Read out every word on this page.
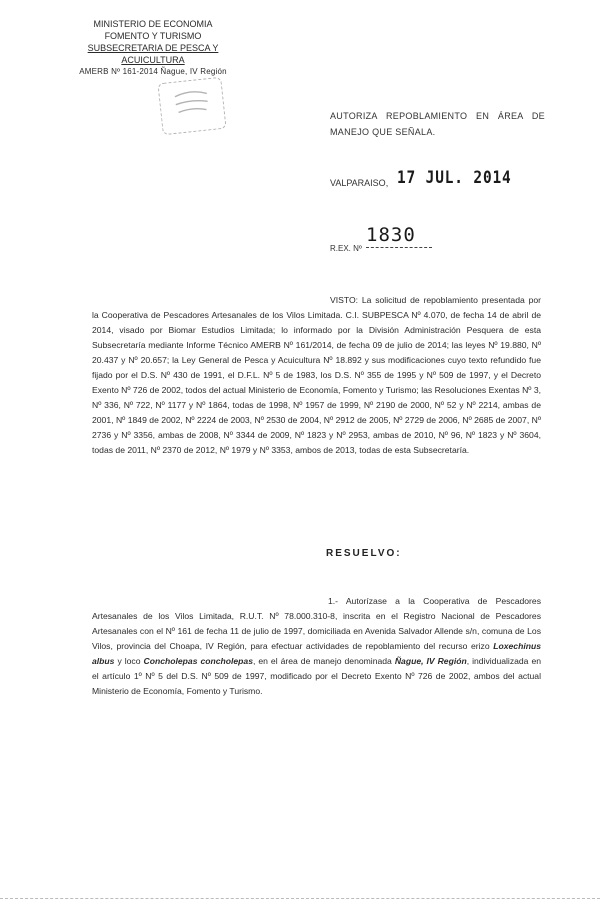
MINISTERIO DE ECONOMIA
FOMENTO Y TURISMO
SUBSECRETARIA DE PESCA Y ACUICULTURA
AMERB Nº 161-2014 Ñague, IV Región
AUTORIZA REPOBLAMIENTO EN ÁREA DE MANEJO QUE SEÑALA.
VALPARAISO, 17 JUL. 2014
R.EX. Nº
1830
VISTO: La solicitud de repoblamiento presentada por la Cooperativa de Pescadores Artesanales de los Vilos Limitada. C.I. SUBPESCA Nº 4.070, de fecha 14 de abril de 2014, visado por Biomar Estudios Limitada; lo informado por la División Administración Pesquera de esta Subsecretaría mediante Informe Técnico AMERB Nº 161/2014, de fecha 09 de julio de 2014; las leyes Nº 19.880, Nº 20.437 y Nº 20.657; la Ley General de Pesca y Acuicultura Nº 18.892 y sus modificaciones cuyo texto refundido fue fijado por el D.S. Nº 430 de 1991, el D.F.L. Nº 5 de 1983, los D.S. Nº 355 de 1995 y Nº 509 de 1997, y el Decreto Exento Nº 726 de 2002, todos del actual Ministerio de Economía, Fomento y Turismo; las Resoluciones Exentas Nº 3, Nº 336, Nº 722, Nº 1177 y Nº 1864, todas de 1998, Nº 1957 de 1999, Nº 2190 de 2000, Nº 52 y Nº 2214, ambas de 2001, Nº 1849 de 2002, Nº 2224 de 2003, Nº 2530 de 2004, Nº 2912 de 2005, Nº 2729 de 2006, Nº 2685 de 2007, Nº 2736 y Nº 3356, ambas de 2008, Nº 3344 de 2009, Nº 1823 y Nº 2953, ambas de 2010, Nº 96, Nº 1823 y Nº 3604, todas de 2011, Nº 2370 de 2012, Nº 1979 y Nº 3353, ambos de 2013, todas de esta Subsecretaría.
RESUELVO:
1.- Autorízase a la Cooperativa de Pescadores Artesanales de los Vilos Limitada, R.U.T. Nº 78.000.310-8, inscrita en el Registro Nacional de Pescadores Artesanales con el Nº 161 de fecha 11 de julio de 1997, domiciliada en Avenida Salvador Allende s/n, comuna de Los Vilos, provincia del Choapa, IV Región, para efectuar actividades de repoblamiento del recurso erizo Loxechinus albus y loco Concholepas concholepas, en el área de manejo denominada Ñague, IV Región, individualizada en el artículo 1º Nº 5 del D.S. Nº 509 de 1997, modificado por el Decreto Exento Nº 726 de 2002, ambos del actual Ministerio de Economía, Fomento y Turismo.
